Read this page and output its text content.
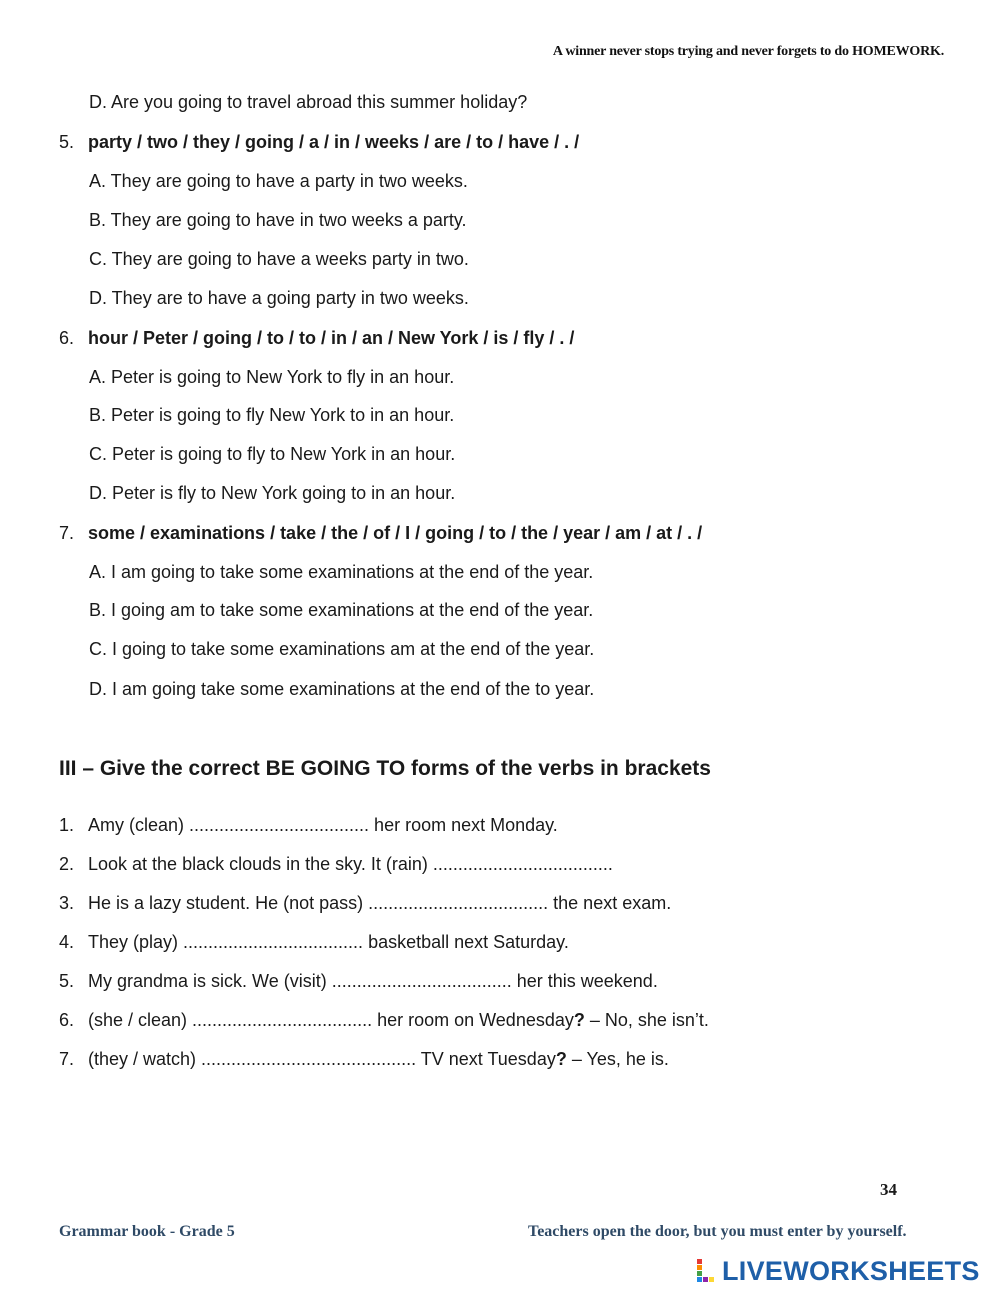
A winner never stops trying and never forgets to do HOMEWORK.
D. Are you going to travel abroad this summer holiday?
5. party / two / they / going / a / in / weeks / are / to / have / . /
A. They are going to have a party in two weeks.
B. They are going to have in two weeks a party.
C. They are going to have a weeks party in two.
D. They are to have a going party in two weeks.
6. hour / Peter / going / to / to / in / an / New York / is / fly / . /
A. Peter is going to New York to fly in an hour.
B. Peter is going to fly New York to in an hour.
C. Peter is going to fly to New York in an hour.
D. Peter is fly to New York going to in an hour.
7. some / examinations / take / the / of / I / going / to / the / year / am / at / . /
A. I am going to take some examinations at the end of the year.
B. I going am to take some examinations at the end of the year.
C. I going to take some examinations am at the end of the year.
D. I am going take some examinations at the end of the to year.
III – Give the correct BE GOING TO forms of the verbs in brackets
1. Amy (clean) .................................... her room next Monday.
2. Look at the black clouds in the sky. It (rain) ....................................
3. He is a lazy student. He (not pass) .................................... the next exam.
4. They (play) .................................... basketball next Saturday.
5. My grandma is sick. We (visit) .................................... her this weekend.
6. (she / clean) .................................... her room on Wednesday? – No, she isn’t.
7. (they / watch) ........................................... TV next Tuesday? – Yes, he is.
34
Grammar book - Grade 5	Teachers open the door, but you must enter by yourself.
LIVEWORKSHEETS
